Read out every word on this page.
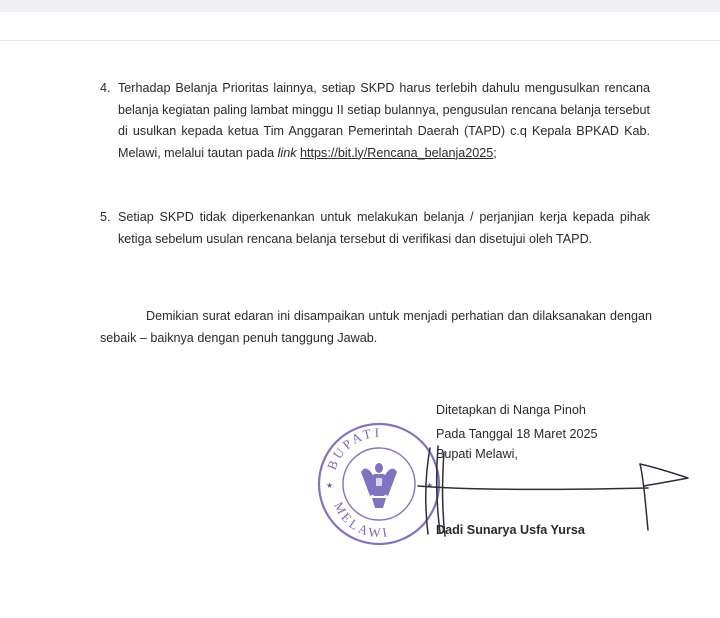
4. Terhadap Belanja Prioritas lainnya, setiap SKPD harus terlebih dahulu mengusulkan rencana belanja kegiatan paling lambat minggu II setiap bulannya, pengusulan rencana belanja tersebut di usulkan kepada ketua Tim Anggaran Pemerintah Daerah (TAPD) c.q Kepala BPKAD Kab. Melawi, melalui tautan pada link https://bit.ly/Rencana_belanja2025;
5. Setiap SKPD tidak diperkenankan untuk melakukan belanja / perjanjian kerja kepada pihak ketiga sebelum usulan rencana belanja tersebut di verifikasi dan disetujui oleh TAPD.
Demikian surat edaran ini disampaikan untuk menjadi perhatian dan dilaksanakan dengan sebaik – baiknya dengan penuh tanggung Jawab.
BUPATI
MELAWI
★	★
Ditetapkan di Nanga Pinoh
Pada Tanggal 18 Maret 2025
Bupati Melawi,
Dadi Sunarya Usfa Yursa
